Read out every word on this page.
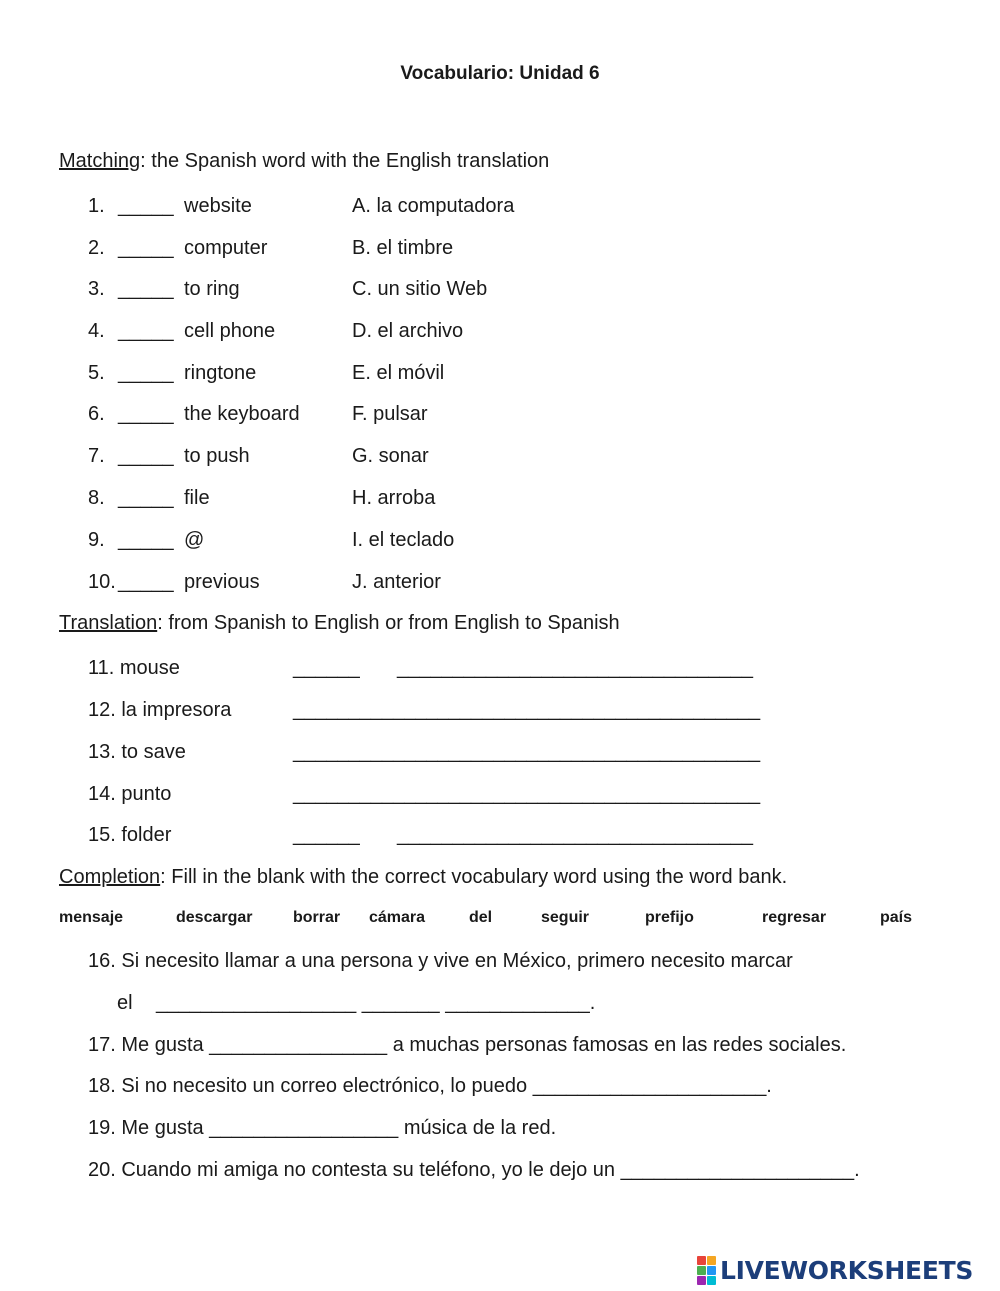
Vocabulario: Unidad 6
Matching: the Spanish word with the English translation
1. _____ website	A. la computadora
2. _____ computer	B. el timbre
3. _____ to ring	C. un sitio Web
4. _____ cell phone	D. el archivo
5. _____ ringtone	E. el móvil
6. _____ the keyboard	F. pulsar
7. _____ to push	G. sonar
8. _____ file	H. arroba
9. _____ @	I. el teclado
10. _____ previous	J. anterior
Translation: from Spanish to English or from English to Spanish
11. mouse	______ ________________________________
12. la impresora	__________________________________________
13. to save	__________________________________________
14. punto	__________________________________________
15. folder	______ ________________________________
Completion: Fill in the blank with the correct vocabulary word using the word bank.
mensaje	descargar	borrar cámara	del	seguir	prefijo	regresar	país
16. Si necesito llamar a una persona y vive en México, primero necesito marcar
el __________________ _______ _____________.
17. Me gusta ________________ a muchas personas famosas en las redes sociales.
18. Si no necesito un correo electrónico, lo puedo _____________________.
19. Me gusta _________________ música de la red.
20. Cuando mi amiga no contesta su teléfono, yo le dejo un _____________________.
LIVEWORKSHEETS
